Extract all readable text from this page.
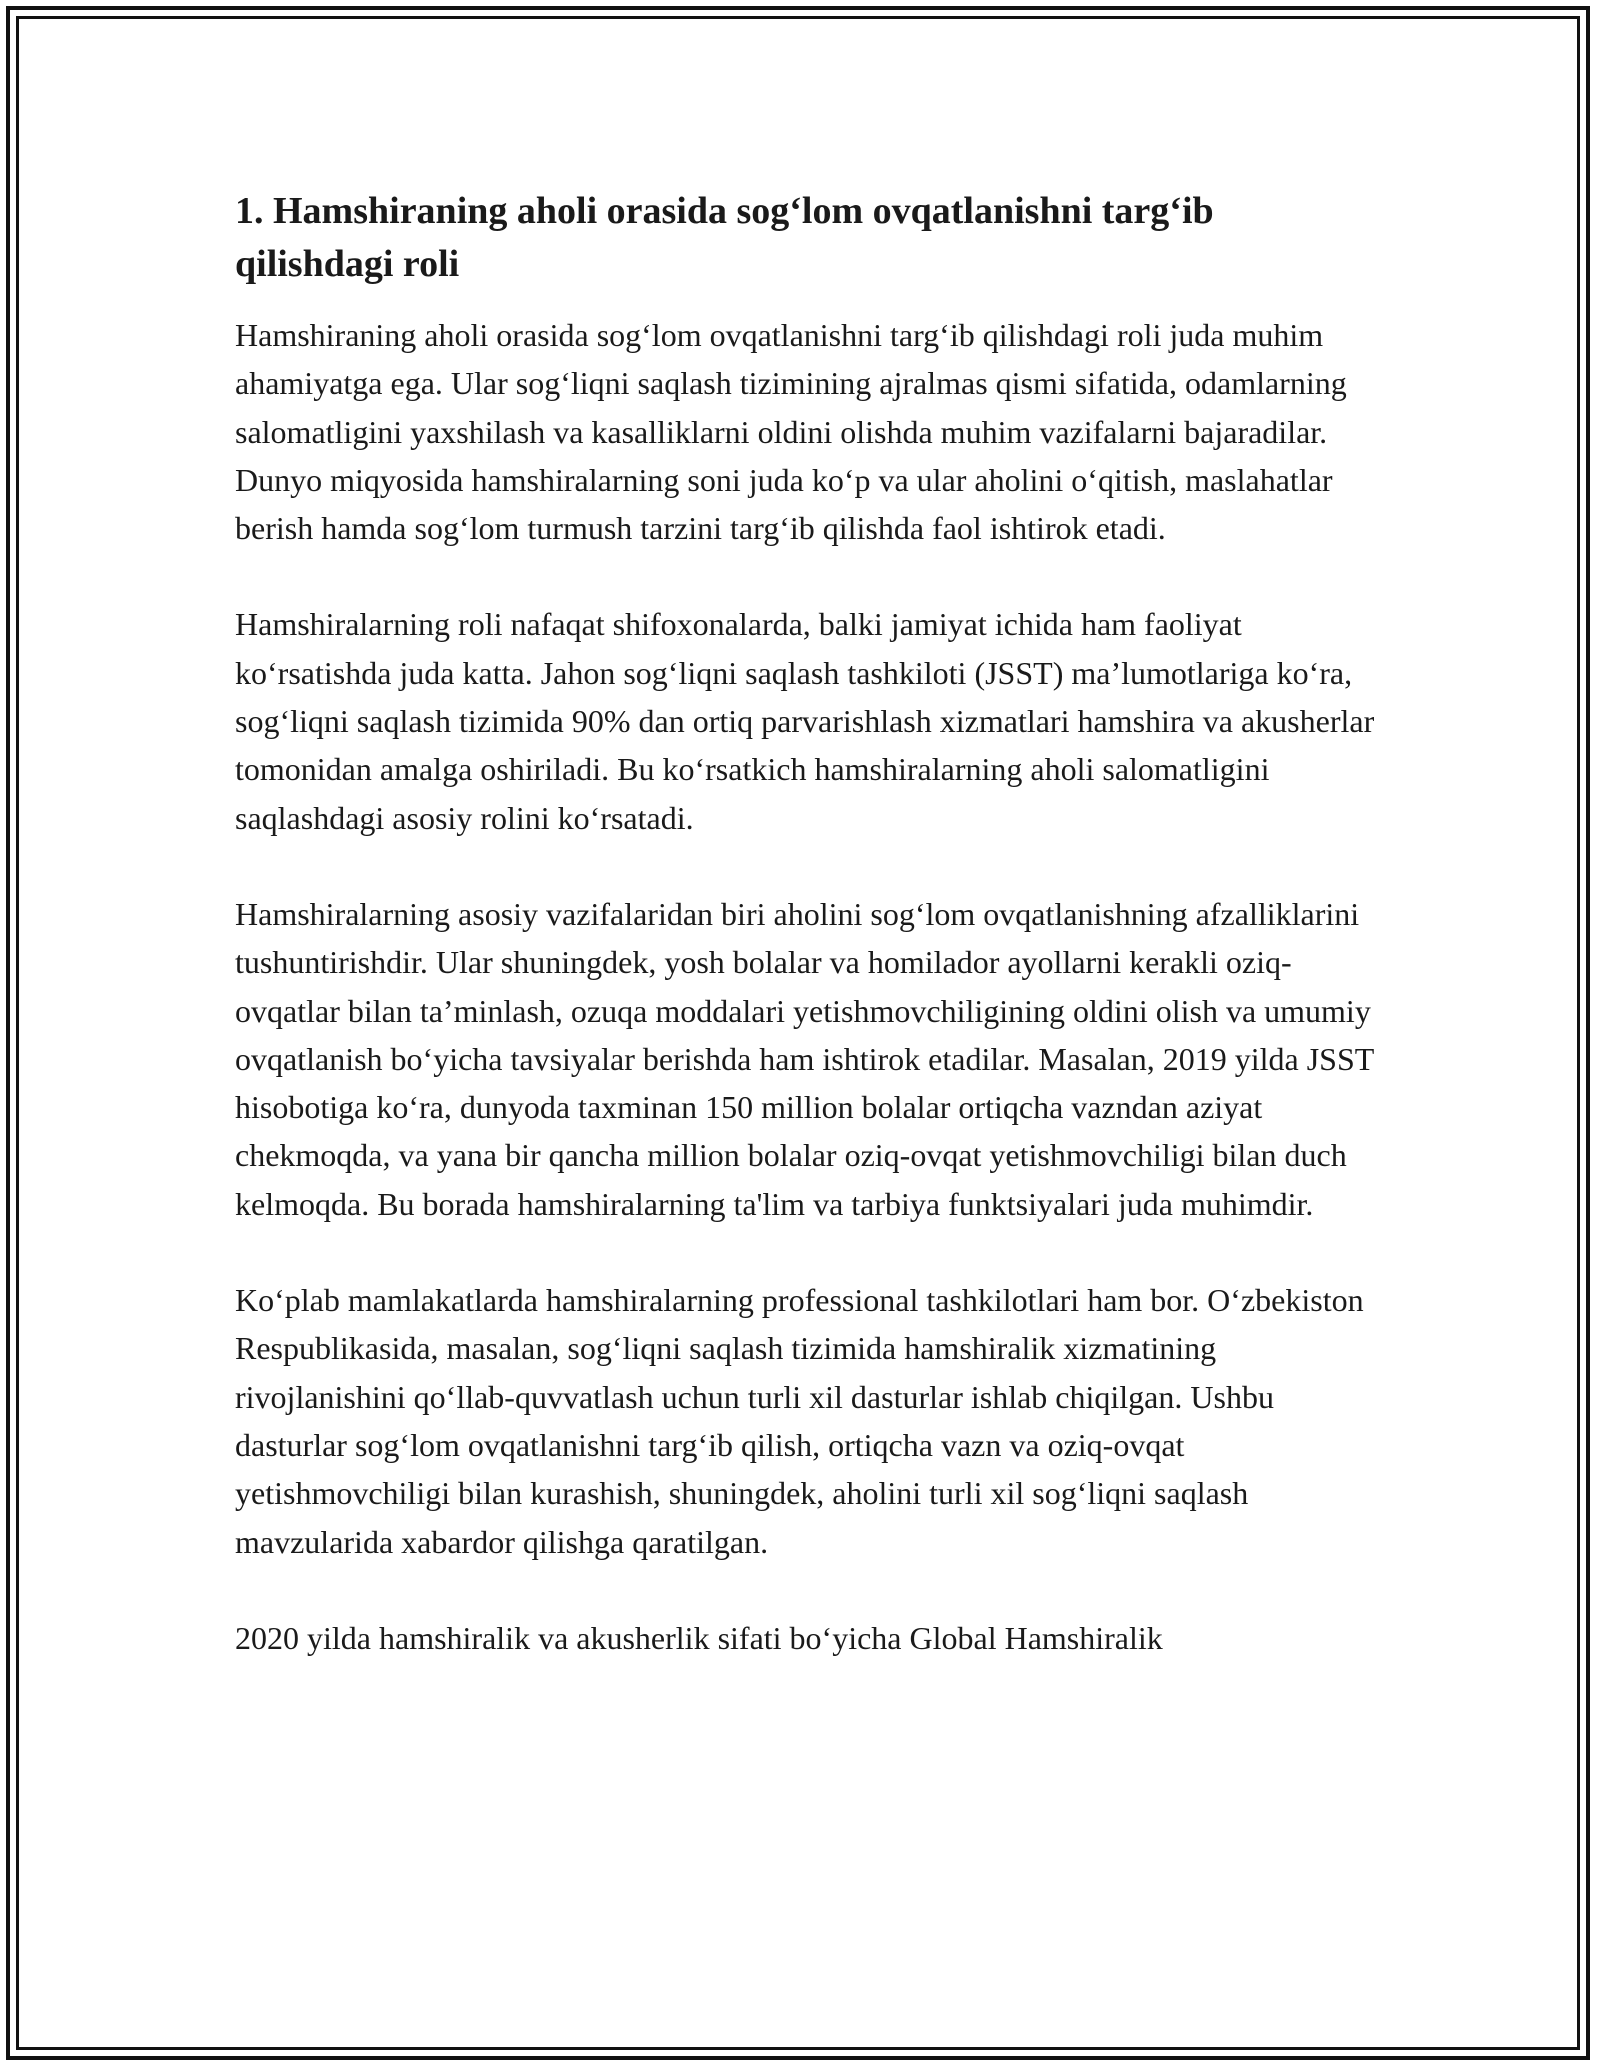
1. Hamshiraning aholi orasida sog‘lom ovqatlanishni targ‘ib qilishdagi roli

Hamshiraning aholi orasida sog‘lom ovqatlanishni targ‘ib qilishdagi roli juda muhim ahamiyatga ega. Ular sog‘liqni saqlash tizimining ajralmas qismi sifatida, odamlarning salomatligini yaxshilash va kasalliklarni oldini olishda muhim vazifalarni bajaradilar. Dunyo miqyosida hamshiralarning soni juda ko‘p va ular aholini o‘qitish, maslahatlar berish hamda sog‘lom turmush tarzini targ‘ib qilishda faol ishtirok etadi.

Hamshiralarning roli nafaqat shifoxonalarda, balki jamiyat ichida ham faoliyat ko‘rsatishda juda katta. Jahon sog‘liqni saqlash tashkiloti (JSST) ma’lumotlariga ko‘ra, sog‘liqni saqlash tizimida 90% dan ortiq parvarishlash xizmatlari hamshira va akusherlar tomonidan amalga oshiriladi. Bu ko‘rsatkich hamshiralarning aholi salomatligini saqlashdagi asosiy rolini ko‘rsatadi.

Hamshiralarning asosiy vazifalaridan biri aholini sog‘lom ovqatlanishning afzalliklarini tushuntirishdir. Ular shuningdek, yosh bolalar va homilador ayollarni kerakli oziq-ovqatlar bilan ta’minlash, ozuqa moddalari yetishmovchiligining oldini olish va umumiy ovqatlanish bo‘yicha tavsiyalar berishda ham ishtirok etadilar. Masalan, 2019 yilda JSST hisobotiga ko‘ra, dunyoda taxminan 150 million bolalar ortiqcha vazndan aziyat chekmoqda, va yana bir qancha million bolalar oziq-ovqat yetishmovchiligi bilan duch kelmoqda. Bu borada hamshiralarning ta'lim va tarbiya funktsiyalari juda muhimdir.

Ko‘plab mamlakatlarda hamshiralarning professional tashkilotlari ham bor. O‘zbekiston Respublikasida, masalan, sog‘liqni saqlash tizimida hamshiralik xizmatining rivojlanishini qo‘llab-quvvatlash uchun turli xil dasturlar ishlab chiqilgan. Ushbu dasturlar sog‘lom ovqatlanishni targ‘ib qilish, ortiqcha vazn va oziq-ovqat yetishmovchiligi bilan kurashish, shuningdek, aholini turli xil sog‘liqni saqlash mavzularida xabardor qilishga qaratilgan.

2020 yilda hamshiralik va akusherlik sifati bo‘yicha Global Hamshiralik
